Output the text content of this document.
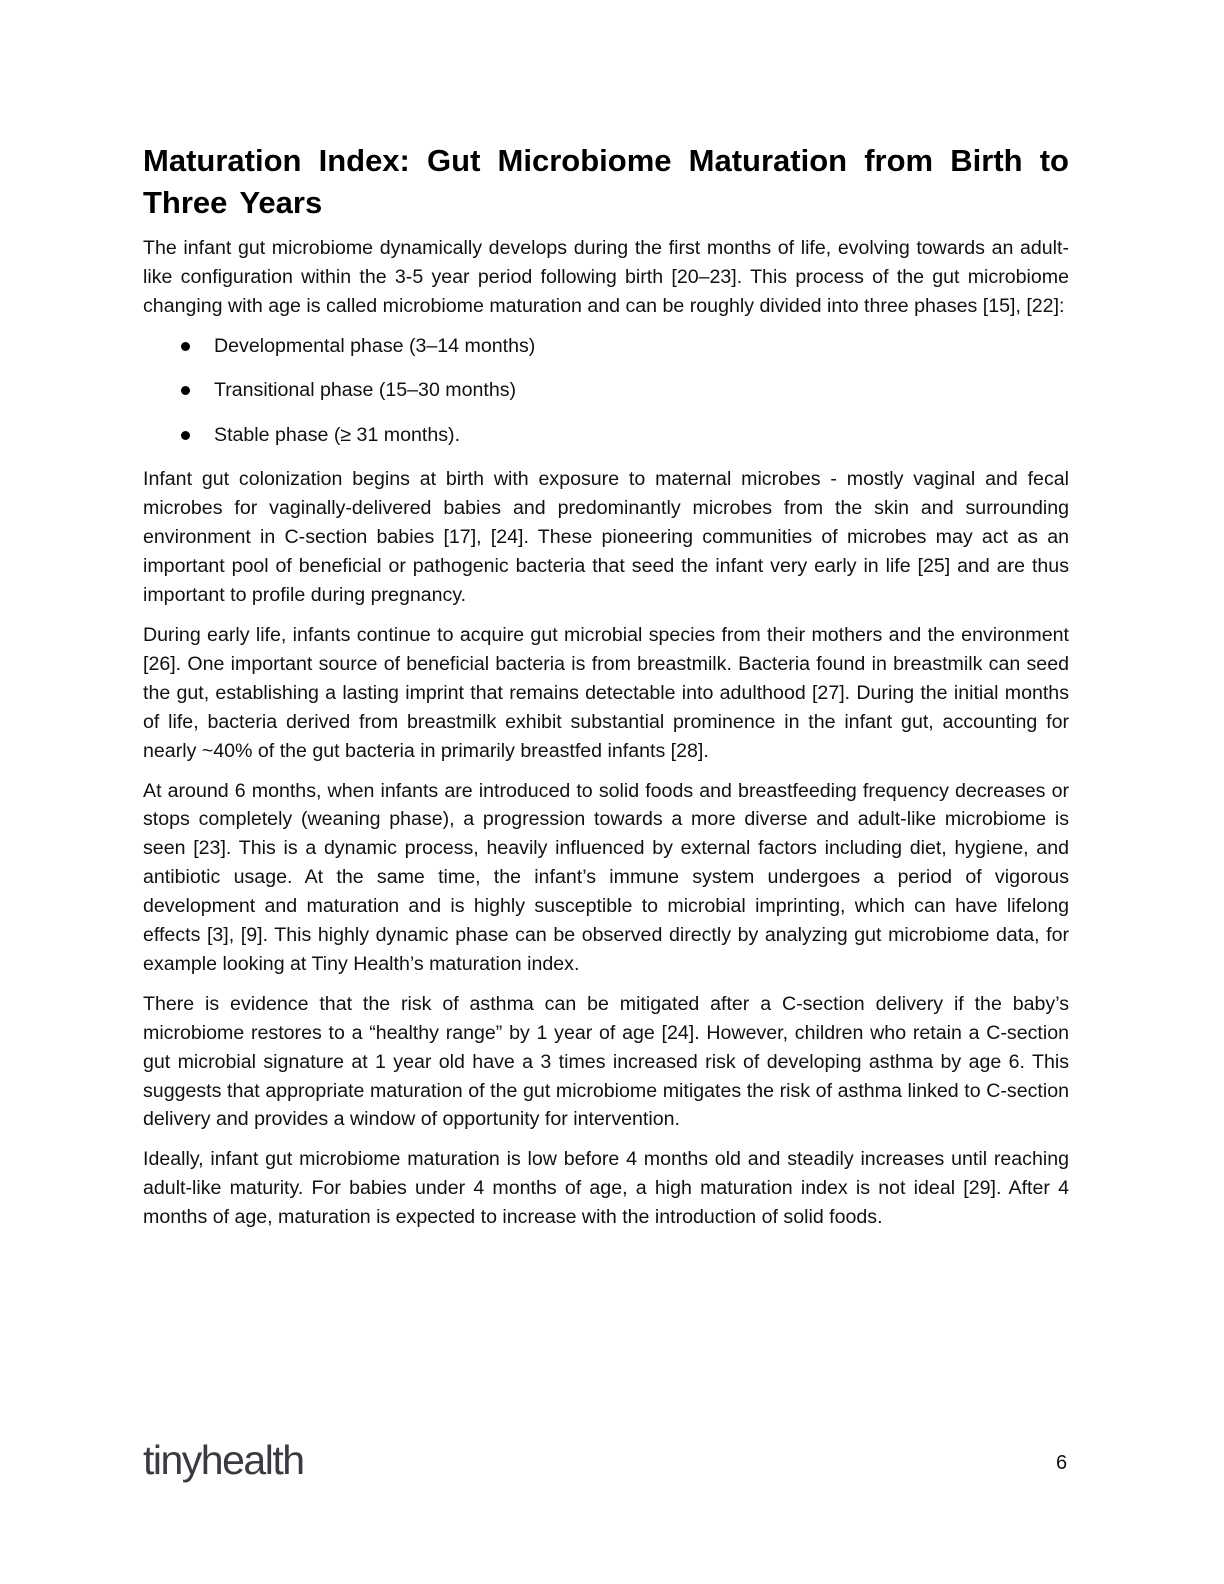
Maturation Index: Gut Microbiome Maturation from Birth to Three Years

The infant gut microbiome dynamically develops during the first months of life, evolving towards an adult-like configuration within the 3-5 year period following birth [20–23]. This process of the gut microbiome changing with age is called microbiome maturation and can be roughly divided into three phases [15], [22]:

Developmental phase (3–14 months)
Transitional phase (15–30 months)
Stable phase (≥ 31 months).

Infant gut colonization begins at birth with exposure to maternal microbes - mostly vaginal and fecal microbes for vaginally-delivered babies and predominantly microbes from the skin and surrounding environment in C-section babies [17], [24]. These pioneering communities of microbes may act as an important pool of beneficial or pathogenic bacteria that seed the infant very early in life [25] and are thus important to profile during pregnancy.

During early life, infants continue to acquire gut microbial species from their mothers and the environment [26]. One important source of beneficial bacteria is from breastmilk. Bacteria found in breastmilk can seed the gut, establishing a lasting imprint that remains detectable into adulthood [27]. During the initial months of life, bacteria derived from breastmilk exhibit substantial prominence in the infant gut, accounting for nearly ~40% of the gut bacteria in primarily breastfed infants [28].

At around 6 months, when infants are introduced to solid foods and breastfeeding frequency decreases or stops completely (weaning phase), a progression towards a more diverse and adult-like microbiome is seen [23]. This is a dynamic process, heavily influenced by external factors including diet, hygiene, and antibiotic usage. At the same time, the infant’s immune system undergoes a period of vigorous development and maturation and is highly susceptible to microbial imprinting, which can have lifelong effects [3], [9]. This highly dynamic phase can be observed directly by analyzing gut microbiome data, for example looking at Tiny Health’s maturation index.

There is evidence that the risk of asthma can be mitigated after a C-section delivery if the baby’s microbiome restores to a “healthy range” by 1 year of age [24]. However, children who retain a C-section gut microbial signature at 1 year old have a 3 times increased risk of developing asthma by age 6. This suggests that appropriate maturation of the gut microbiome mitigates the risk of asthma linked to C-section delivery and provides a window of opportunity for intervention.

Ideally, infant gut microbiome maturation is low before 4 months old and steadily increases until reaching adult-like maturity. For babies under 4 months of age, a high maturation index is not ideal [29]. After 4 months of age, maturation is expected to increase with the introduction of solid foods.

tinyhealth	6
